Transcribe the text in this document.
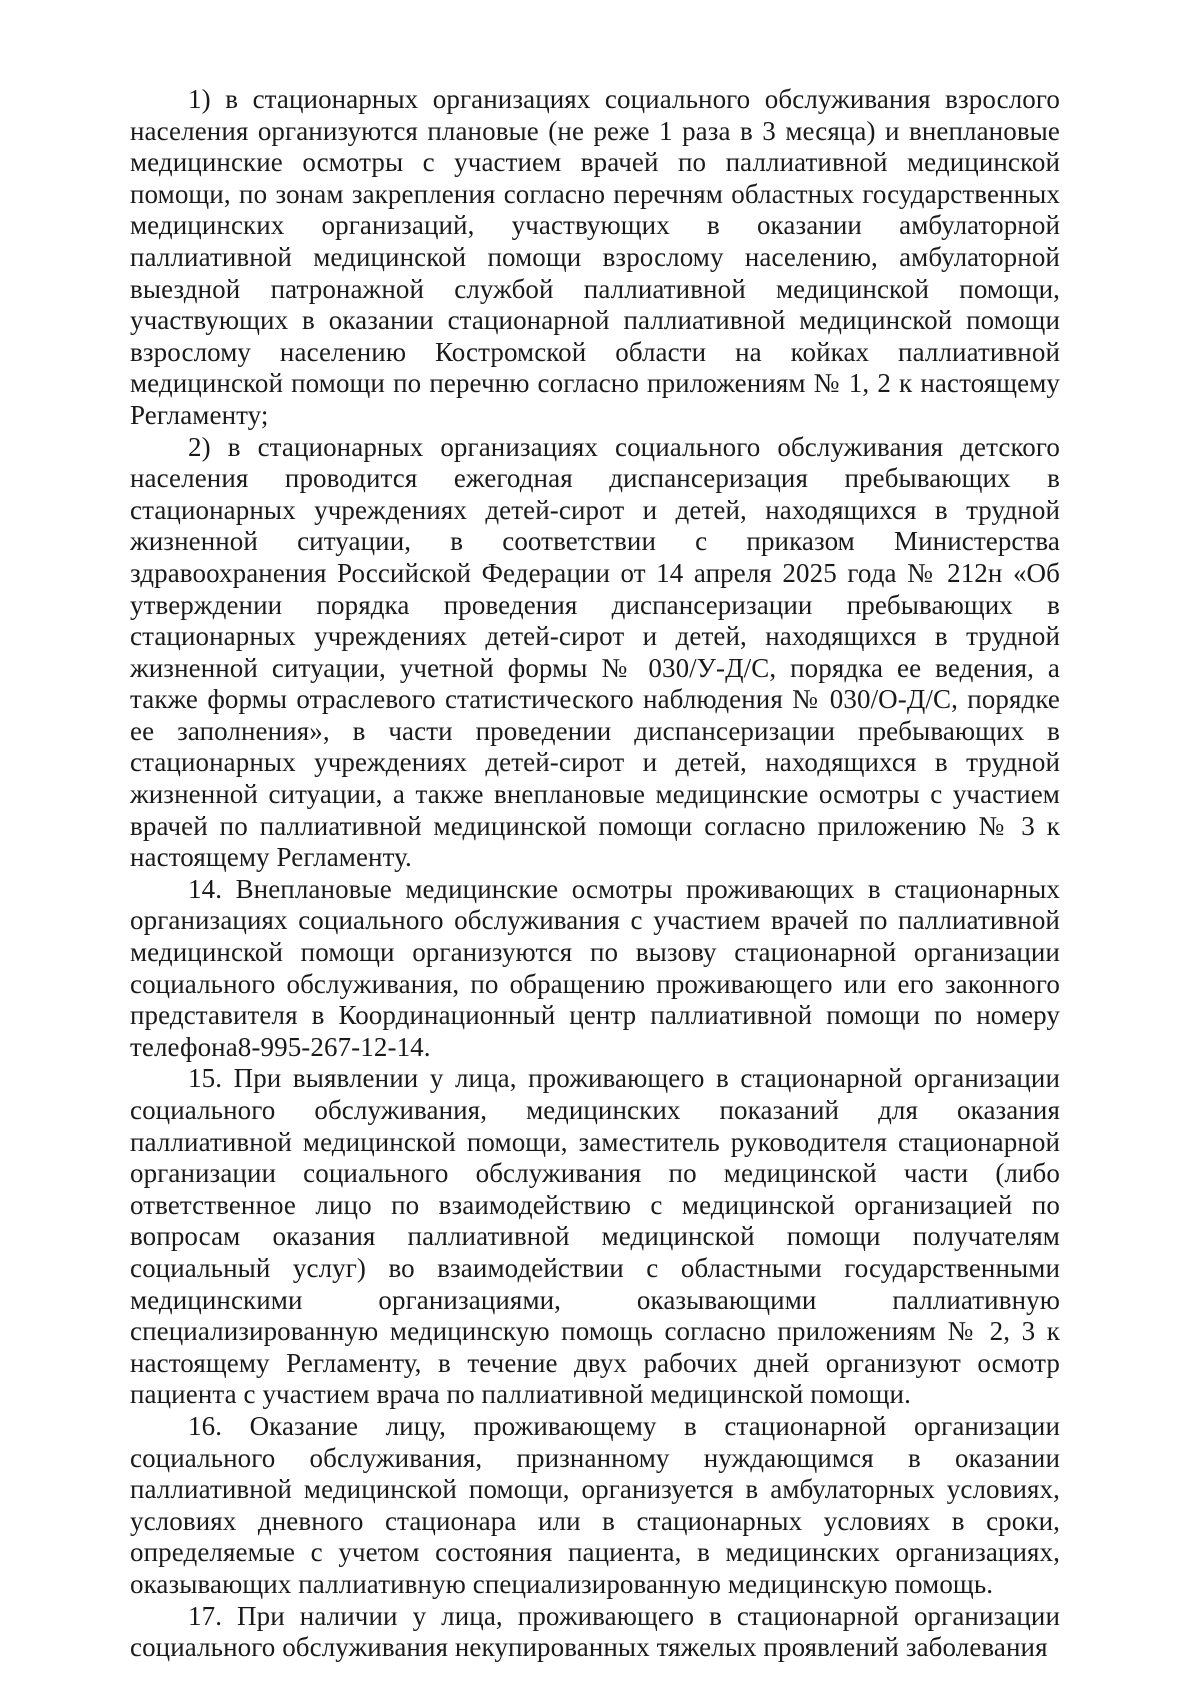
1) в стационарных организациях социального обслуживания взрослого населения организуются плановые (не реже 1 раза в 3 месяца) и внеплановые медицинские осмотры с участием врачей по паллиативной медицинской помощи, по зонам закрепления согласно перечням областных государственных медицинских организаций, участвующих в оказании амбулаторной паллиативной медицинской помощи взрослому населению, амбулаторной выездной патронажной службой паллиативной медицинской помощи, участвующих в оказании стационарной паллиативной медицинской помощи взрослому населению Костромской области на койках паллиативной медицинской помощи по перечню согласно приложениям № 1, 2 к настоящему Регламенту;

2) в стационарных организациях социального обслуживания детского населения проводится ежегодная диспансеризация пребывающих в стационарных учреждениях детей-сирот и детей, находящихся в трудной жизненной ситуации, в соответствии с приказом Министерства здравоохранения Российской Федерации от 14 апреля 2025 года № 212н «Об утверждении порядка проведения диспансеризации пребывающих в стационарных учреждениях детей-сирот и детей, находящихся в трудной жизненной ситуации, учетной формы № 030/У-Д/С, порядка ее ведения, а также формы отраслевого статистического наблюдения № 030/О-Д/С, порядке ее заполнения», в части проведении диспансеризации пребывающих в стационарных учреждениях детей-сирот и детей, находящихся в трудной жизненной ситуации, а также внеплановые медицинские осмотры с участием врачей по паллиативной медицинской помощи согласно приложению № 3 к настоящему Регламенту.

14. Внеплановые медицинские осмотры проживающих в стационарных организациях социального обслуживания с участием врачей по паллиативной медицинской помощи организуются по вызову стационарной организации социального обслуживания, по обращению проживающего или его законного представителя в Координационный центр паллиативной помощи по номеру телефона8-995-267-12-14.

15. При выявлении у лица, проживающего в стационарной организации социального обслуживания, медицинских показаний для оказания паллиативной медицинской помощи, заместитель руководителя стационарной организации социального обслуживания по медицинской части (либо ответственное лицо по взаимодействию с медицинской организацией по вопросам оказания паллиативной медицинской помощи получателям социальный услуг) во взаимодействии с областными государственными медицинскими организациями, оказывающими паллиативную специализированную медицинскую помощь согласно приложениям № 2, 3 к настоящему Регламенту, в течение двух рабочих дней организуют осмотр пациента с участием врача по паллиативной медицинской помощи.

16. Оказание лицу, проживающему в стационарной организации социального обслуживания, признанному нуждающимся в оказании паллиативной медицинской помощи, организуется в амбулаторных условиях, условиях дневного стационара или в стационарных условиях в сроки, определяемые с учетом состояния пациента, в медицинских организациях, оказывающих паллиативную специализированную медицинскую помощь.

17. При наличии у лица, проживающего в стационарной организации социального обслуживания некупированных тяжелых проявлений заболевания
